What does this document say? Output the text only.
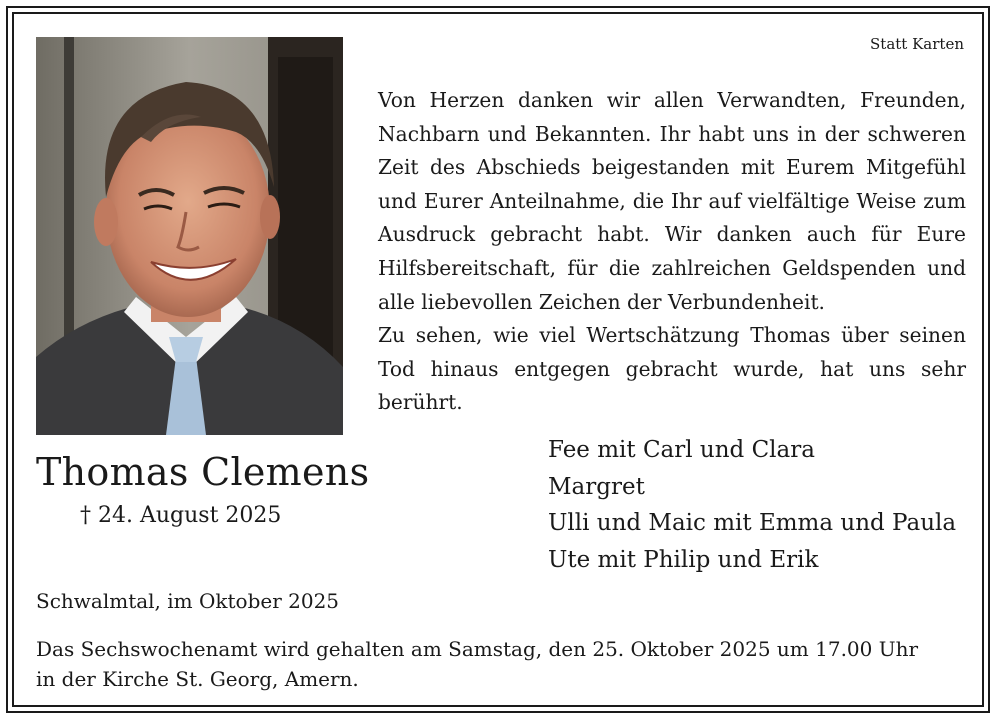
Statt Karten

Von Herzen danken wir allen Verwandten, Freunden, Nachbarn und Bekannten. Ihr habt uns in der schweren Zeit des Abschieds beigestanden mit Eurem Mitgefühl und Eurer Anteilnahme, die Ihr auf vielfältige Weise zum Ausdruck gebracht habt. Wir danken auch für Eure Hilfsbereitschaft, für die zahlreichen Geldspenden und alle liebevollen Zeichen der Verbundenheit.

Zu sehen, wie viel Wertschätzung Thomas über seinen Tod hinaus entgegen gebracht wurde, hat uns sehr berührt.

Thomas Clemens
† 24. August 2025
Fee mit Carl und Clara
Margret
Ulli und Maic mit Emma und Paula
Ute mit Philip und Erik
Schwalmtal, im Oktober 2025
Das Sechswochenamt wird gehalten am Samstag, den 25. Oktober 2025 um 17.00 Uhr
in der Kirche St. Georg, Amern.
